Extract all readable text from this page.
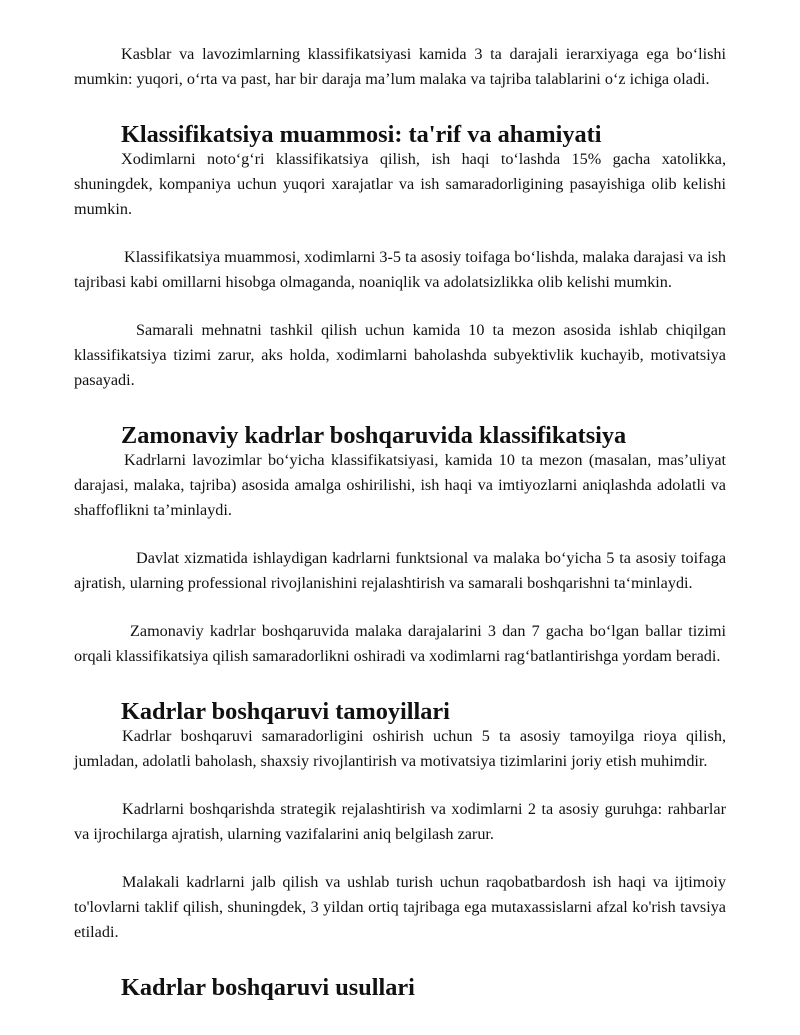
Kasblar va lavozimlarning klassifikatsiyasi kamida 3 ta darajali ierarxiyaga ega bo‘lishi mumkin: yuqori, o‘rta va past, har bir daraja ma’lum malaka va tajriba talablarini o‘z ichiga oladi.

Klassifikatsiya muammosi: ta'rif va ahamiyati

Xodimlarni noto‘g‘ri klassifikatsiya qilish, ish haqi to‘lashda 15% gacha xatolikka, shuningdek, kompaniya uchun yuqori xarajatlar va ish samaradorligining pasayishiga olib kelishi mumkin.

Klassifikatsiya muammosi, xodimlarni 3-5 ta asosiy toifaga bo‘lishda, malaka darajasi va ish tajribasi kabi omillarni hisobga olmaganda, noaniqlik va adolatsizlikka olib kelishi mumkin.

Samarali mehnatni tashkil qilish uchun kamida 10 ta mezon asosida ishlab chiqilgan klassifikatsiya tizimi zarur, aks holda, xodimlarni baholashda subyektivlik kuchayib, motivatsiya pasayadi.

Zamonaviy kadrlar boshqaruvida klassifikatsiya

Kadrlarni lavozimlar bo‘yicha klassifikatsiyasi, kamida 10 ta mezon (masalan, mas’uliyat darajasi, malaka, tajriba) asosida amalga oshirilishi, ish haqi va imtiyozlarni aniqlashda adolatli va shaffoflikni ta’minlaydi.

Davlat xizmatida ishlaydigan kadrlarni funktsional va malaka bo‘yicha 5 ta asosiy toifaga ajratish, ularning professional rivojlanishini rejalashtirish va samarali boshqarishni ta‘minlaydi.

Zamonaviy kadrlar boshqaruvida malaka darajalarini 3 dan 7 gacha bo‘lgan ballar tizimi orqali klassifikatsiya qilish samaradorlikni oshiradi va xodimlarni rag‘batlantirishga yordam beradi.

Kadrlar boshqaruvi tamoyillari

Kadrlar boshqaruvi samaradorligini oshirish uchun 5 ta asosiy tamoyilga rioya qilish, jumladan, adolatli baholash, shaxsiy rivojlantirish va motivatsiya tizimlarini joriy etish muhimdir.

Kadrlarni boshqarishda strategik rejalashtirish va xodimlarni 2 ta asosiy guruhga: rahbarlar va ijrochilarga ajratish, ularning vazifalarini aniq belgilash zarur.

Malakali kadrlarni jalb qilish va ushlab turish uchun raqobatbardosh ish haqi va ijtimoiy to'lovlarni taklif qilish, shuningdek, 3 yildan ortiq tajribaga ega mutaxassislarni afzal ko'rish tavsiya etiladi.

Kadrlar boshqaruvi usullari
